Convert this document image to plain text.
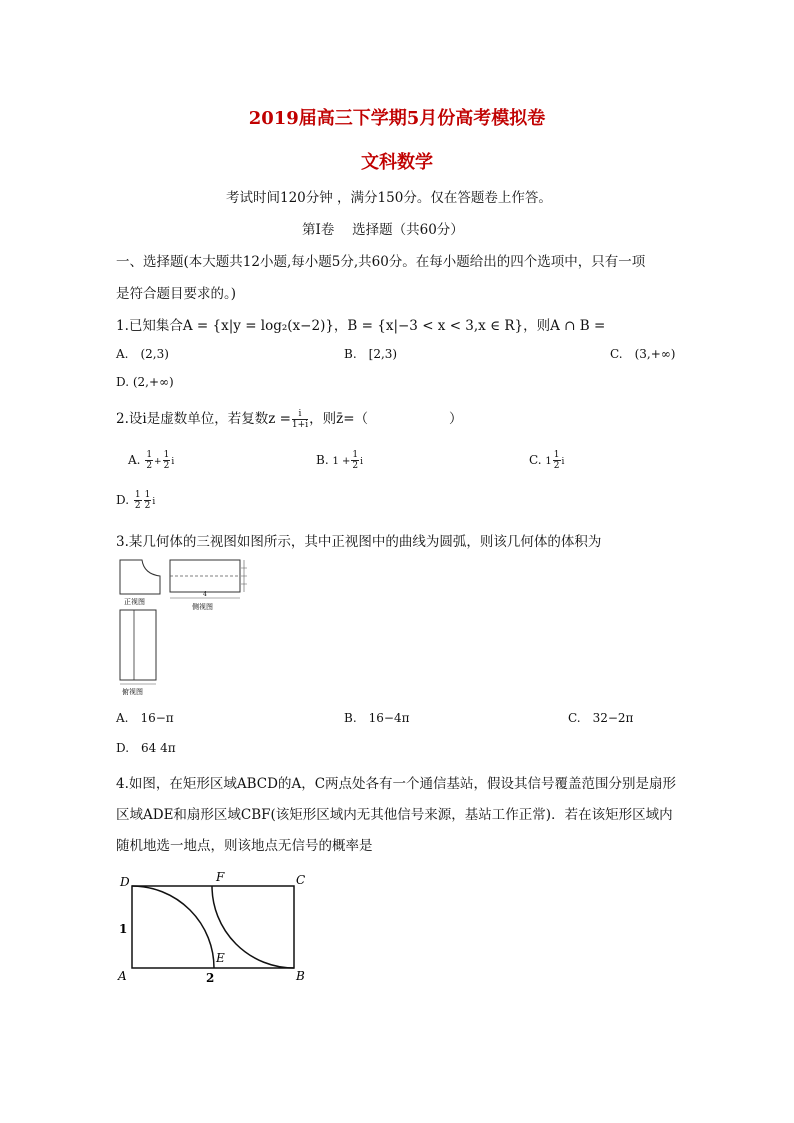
2019届高三下学期5月份高考模拟卷
文科数学
考试时间120分钟 ，满分150分。仅在答题卷上作答。
第Ⅰ卷　 选择题（共60分）
一、选择题(本大题共12小题,每小题5分,共60分。在每小题给出的四个选项中，只有一项
是符合题目要求的。)
1.已知集合A = {x|y = log₂(x−2)}，B = {x|−3 < x < 3,x ∈ R}，则A ∩ B =
A.　(2,3)	B.　[2,3)	C.　(3,+∞)
D. (2,+∞)
2.设i是虚数单位，若复数$z = \frac{i}{1+i}$ ，则z̄=（　　　　　　）
A. $\frac{1}{2} + \frac{1}{2}$ i	B. $1 + \frac{1}{2}$ i	C. $1 \frac{1}{2}$ i
D. $\frac{1}{2} \frac{1}{2}$ i
3.某几何体的三视图如图所示，其中正视图中的曲线为圆弧，则该几何体的体积为
正视图
4
侧视图
俯视图
A.　16−π	B.　16−4π	C.　32−2π
D.　64 4π
4.如图，在矩形区域ABCD的A，C两点处各有一个通信基站，假设其信号覆盖范围分别是扇形
区域ADE和扇形区域CBF(该矩形区域内无其他信号来源，基站工作正常)．若在该矩形区域内
随机地选一地点，则该地点无信号的概率是
D	F	C
A
E
B
1
2
